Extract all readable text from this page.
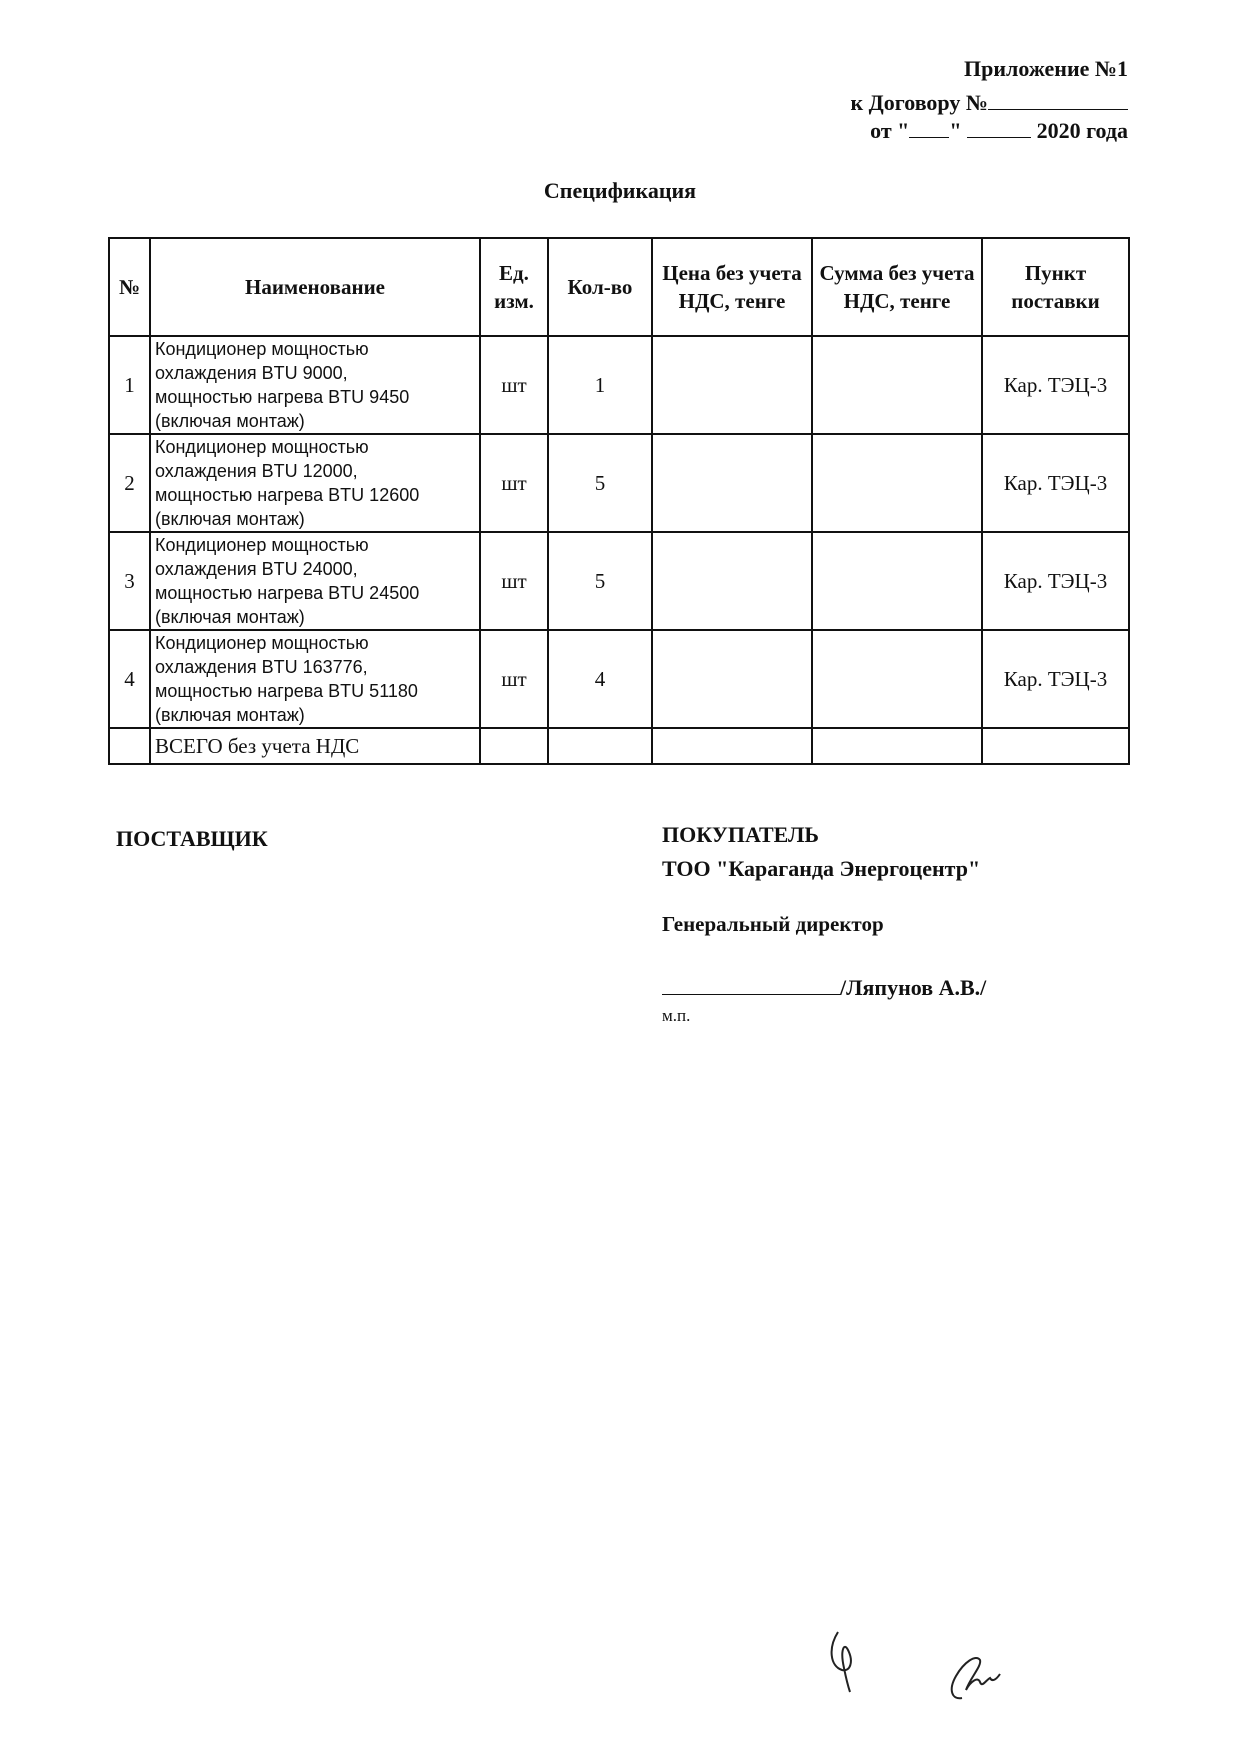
Приложение №1
к Договору №
от " "	2020 года
Спецификация
№	Наименование	Ед. изм.	Кол-во	Цена без учета НДС, тенге	Сумма без учета НДС, тенге	Пункт поставки
1	Кондиционер мощностью
охлаждения BTU 9000,
мощностью нагрева BTU 9450
(включая монтаж)	шт	1			Кар. ТЭЦ-3
2	Кондиционер мощностью
охлаждения BTU 12000,
мощностью нагрева BTU 12600
(включая монтаж)	шт	5			Кар. ТЭЦ-3
3	Кондиционер мощностью
охлаждения BTU 24000,
мощностью нагрева BTU 24500
(включая монтаж)	шт	5			Кар. ТЭЦ-3
4	Кондиционер мощностью
охлаждения BTU 163776,
мощностью нагрева BTU 51180
(включая монтаж)	шт	4			Кар. ТЭЦ-3
	ВСЕГО без учета НДС					
ПОСТАВЩИК	ПОКУПАТЕЛЬ
ТОО "Караганда Энергоцентр"
Генеральный директор
/Ляпунов А.В./
м.п.
